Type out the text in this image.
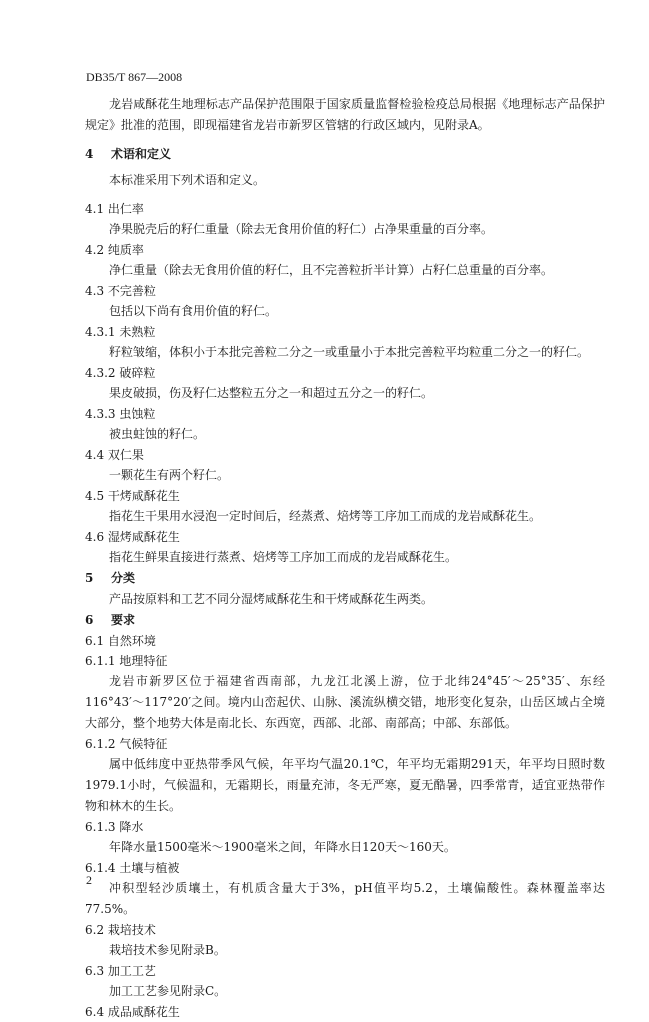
DB35/T 867—2008

龙岩咸酥花生地理标志产品保护范围限于国家质量监督检验检疫总局根据《地理标志产品保护规定》批准的范围，即现福建省龙岩市新罗区管辖的行政区域内，见附录A。

4 术语和定义

本标准采用下列术语和定义。

4.1 出仁率

净果脱壳后的籽仁重量（除去无食用价值的籽仁）占净果重量的百分率。

4.2 纯质率

净仁重量（除去无食用价值的籽仁，且不完善粒折半计算）占籽仁总重量的百分率。

4.3 不完善粒

包括以下尚有食用价值的籽仁。

4.3.1 未熟粒

籽粒皱缩，体积小于本批完善粒二分之一或重量小于本批完善粒平均粒重二分之一的籽仁。

4.3.2 破碎粒

果皮破损，伤及籽仁达整粒五分之一和超过五分之一的籽仁。

4.3.3 虫蚀粒

被虫蛀蚀的籽仁。

4.4 双仁果

一颗花生有两个籽仁。

4.5 干烤咸酥花生

指花生干果用水浸泡一定时间后，经蒸煮、焙烤等工序加工而成的龙岩咸酥花生。

4.6 湿烤咸酥花生

指花生鲜果直接进行蒸煮、焙烤等工序加工而成的龙岩咸酥花生。

5 分类

产品按原料和工艺不同分湿烤咸酥花生和干烤咸酥花生两类。

6 要求
6.1 自然环境
6.1.1 地理特征

龙岩市新罗区位于福建省西南部，九龙江北溪上游，位于北纬24°45′～25°35′、东经116°43′～117°20′之间。境内山峦起伏、山脉、溪流纵横交错，地形变化复杂，山岳区域占全境大部分，整个地势大体是南北长、东西宽，西部、北部、南部高；中部、东部低。

6.1.2 气候特征

属中低纬度中亚热带季风气候，年平均气温20.1℃，年平均无霜期291天，年平均日照时数1979.1小时，气候温和，无霜期长，雨量充沛，冬无严寒，夏无酷暑，四季常青，适宜亚热带作物和林木的生长。

6.1.3 降水

年降水量1500毫米～1900毫米之间，年降水日120天～160天。

6.1.4 土壤与植被

冲积型轻沙质壤土，有机质含量大于3%，pH值平均5.2，土壤偏酸性。森林覆盖率达77.5%。

6.2 栽培技术

栽培技术参见附录B。

6.3 加工工艺

加工工艺参见附录C。

6.4 成品咸酥花生
2
